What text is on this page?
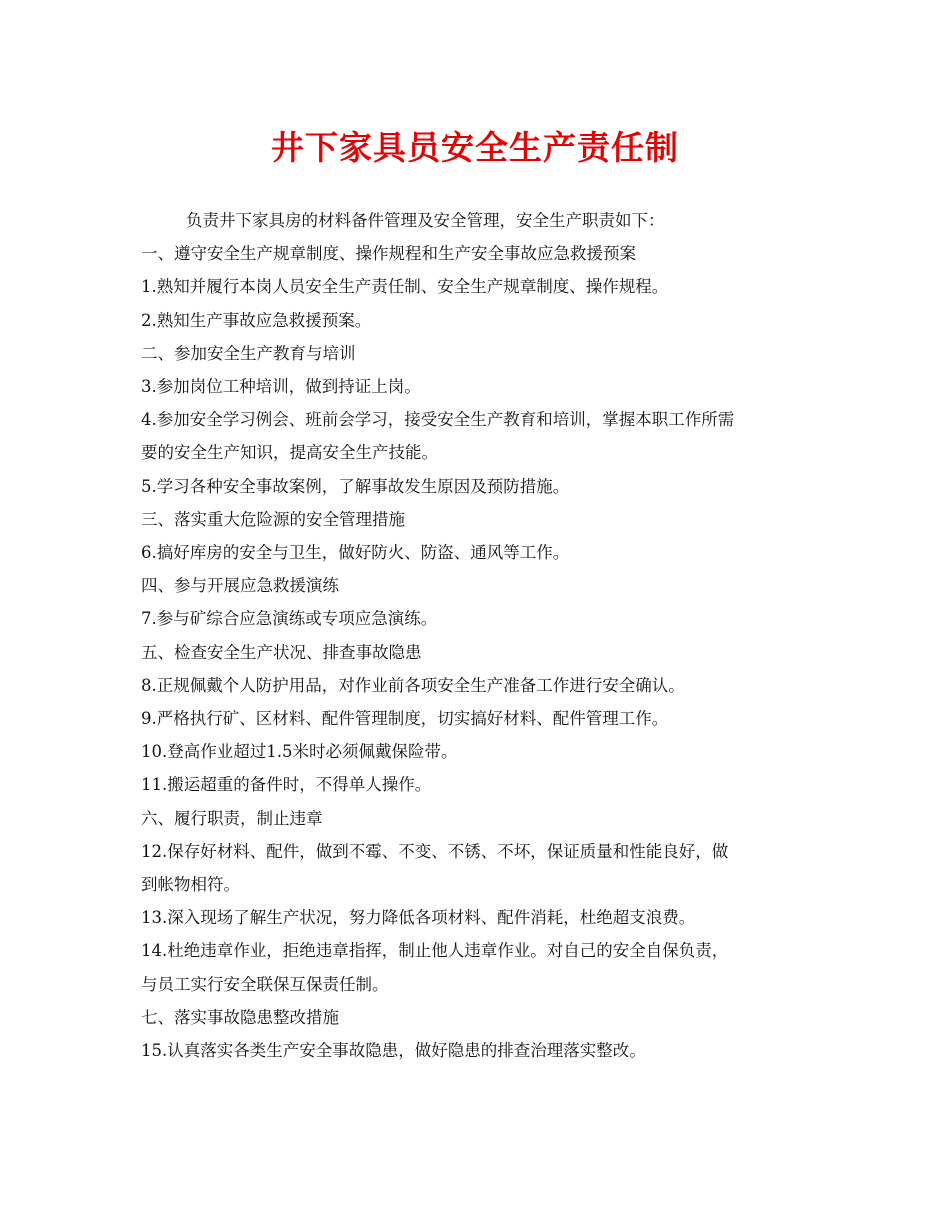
井下家具员安全生产责任制

负责井下家具房的材料备件管理及安全管理，安全生产职责如下：

一、遵守安全生产规章制度、操作规程和生产安全事故应急救援预案

1.熟知并履行本岗人员安全生产责任制、安全生产规章制度、操作规程。

2.熟知生产事故应急救援预案。

二、参加安全生产教育与培训

3.参加岗位工种培训，做到持证上岗。

4.参加安全学习例会、班前会学习，接受安全生产教育和培训，掌握本职工作所需

要的安全生产知识，提高安全生产技能。

5.学习各种安全事故案例，了解事故发生原因及预防措施。

三、落实重大危险源的安全管理措施

6.搞好库房的安全与卫生，做好防火、防盗、通风等工作。

四、参与开展应急救援演练

7.参与矿综合应急演练或专项应急演练。

五、检查安全生产状况、排查事故隐患

8.正规佩戴个人防护用品，对作业前各项安全生产准备工作进行安全确认。

9.严格执行矿、区材料、配件管理制度，切实搞好材料、配件管理工作。

10.登高作业超过1.5米时必须佩戴保险带。

11.搬运超重的备件时，不得单人操作。

六、履行职责，制止违章

12.保存好材料、配件，做到不霉、不变、不锈、不坏，保证质量和性能良好，做

到帐物相符。

13.深入现场了解生产状况，努力降低各项材料、配件消耗，杜绝超支浪费。

14.杜绝违章作业，拒绝违章指挥，制止他人违章作业。对自己的安全自保负责，

与员工实行安全联保互保责任制。

七、落实事故隐患整改措施

15.认真落实各类生产安全事故隐患，做好隐患的排查治理落实整改。
